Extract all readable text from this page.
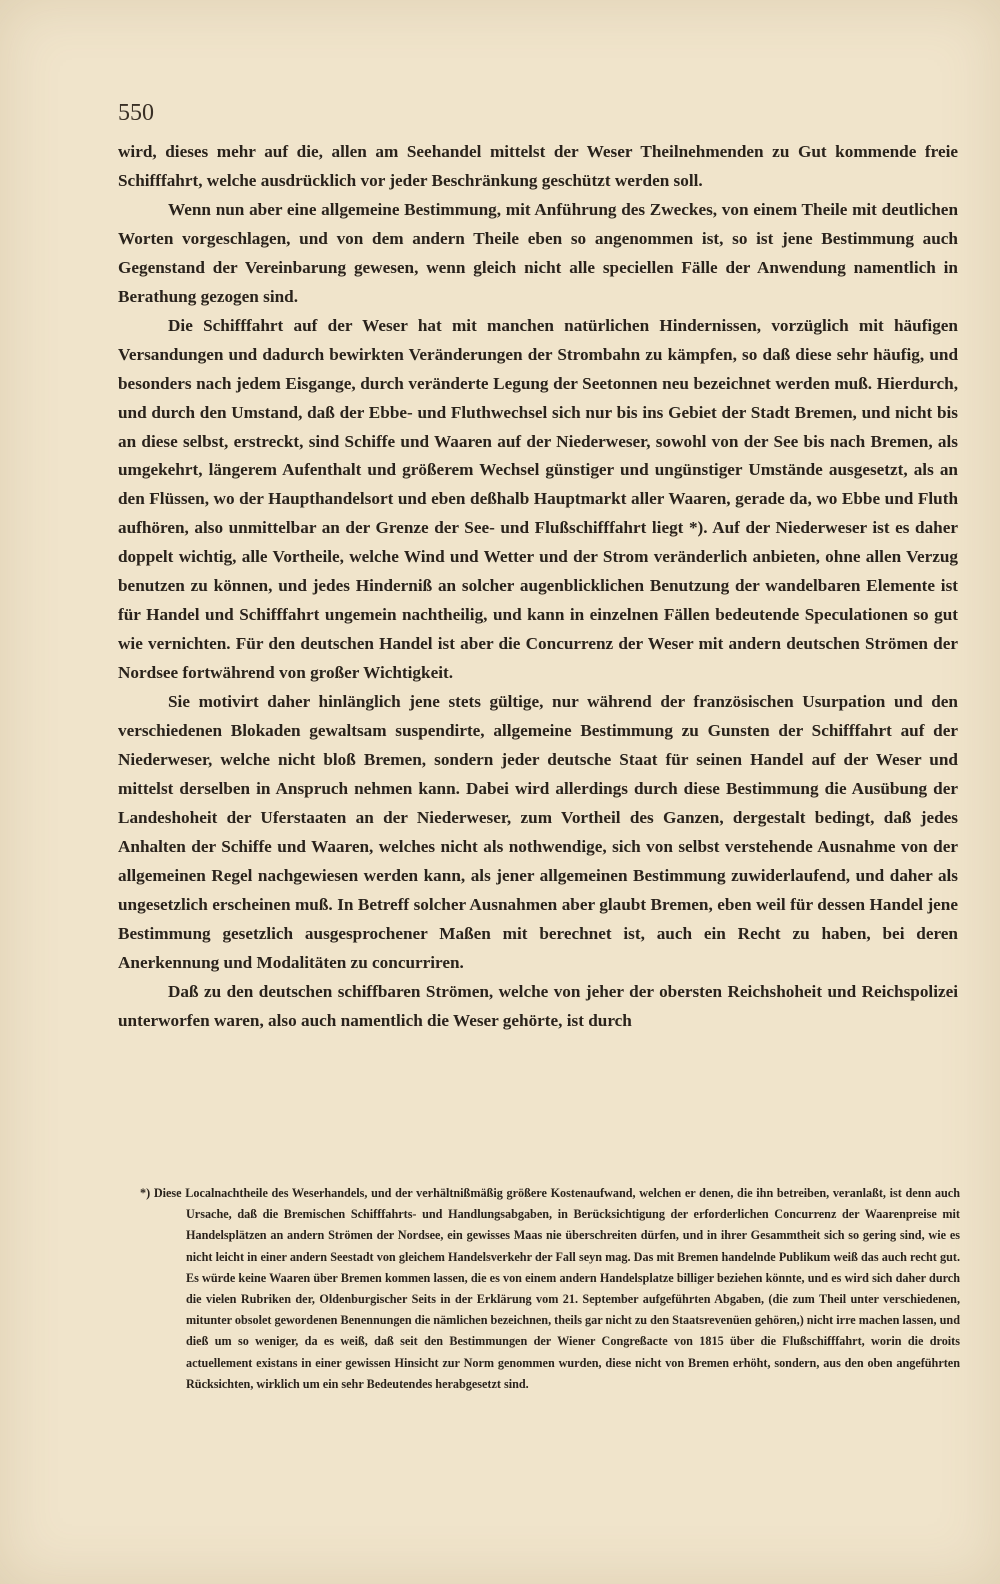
550

wird, dieses mehr auf die, allen am Seehandel mittelst der Weser Theilnehmenden zu Gut kommende freie Schifffahrt, welche ausdrücklich vor jeder Beschränkung geschützt werden soll.

Wenn nun aber eine allgemeine Bestimmung, mit Anführung des Zweckes, von einem Theile mit deutlichen Worten vorgeschlagen, und von dem andern Theile eben so angenommen ist, so ist jene Bestimmung auch Gegenstand der Vereinbarung gewesen, wenn gleich nicht alle speciellen Fälle der Anwendung namentlich in Berathung gezogen sind.

Die Schifffahrt auf der Weser hat mit manchen natürlichen Hindernissen, vorzüglich mit häufigen Versandungen und dadurch bewirkten Veränderungen der Strombahn zu kämpfen, so daß diese sehr häufig, und besonders nach jedem Eisgange, durch veränderte Legung der Seetonnen neu bezeichnet werden muß. Hierdurch, und durch den Umstand, daß der Ebbe- und Fluthwechsel sich nur bis ins Gebiet der Stadt Bremen, und nicht bis an diese selbst, erstreckt, sind Schiffe und Waaren auf der Niederweser, sowohl von der See bis nach Bremen, als umgekehrt, längerem Aufenthalt und größerem Wechsel günstiger und ungünstiger Umstände ausgesetzt, als an den Flüssen, wo der Haupthandelsort und eben deßhalb Hauptmarkt aller Waaren, gerade da, wo Ebbe und Fluth aufhören, also unmittelbar an der Grenze der See- und Flußschifffahrt liegt *). Auf der Niederweser ist es daher doppelt wichtig, alle Vortheile, welche Wind und Wetter und der Strom veränderlich anbieten, ohne allen Verzug benutzen zu können, und jedes Hinderniß an solcher augenblicklichen Benutzung der wandelbaren Elemente ist für Handel und Schifffahrt ungemein nachtheilig, und kann in einzelnen Fällen bedeutende Speculationen so gut wie vernichten. Für den deutschen Handel ist aber die Concurrenz der Weser mit andern deutschen Strömen der Nordsee fortwährend von großer Wichtigkeit.

Sie motivirt daher hinlänglich jene stets gültige, nur während der französischen Usurpation und den verschiedenen Blokaden gewaltsam suspendirte, allgemeine Bestimmung zu Gunsten der Schifffahrt auf der Niederweser, welche nicht bloß Bremen, sondern jeder deutsche Staat für seinen Handel auf der Weser und mittelst derselben in Anspruch nehmen kann. Dabei wird allerdings durch diese Bestimmung die Ausübung der Landeshoheit der Uferstaaten an der Niederweser, zum Vortheil des Ganzen, dergestalt bedingt, daß jedes Anhalten der Schiffe und Waaren, welches nicht als nothwendige, sich von selbst verstehende Ausnahme von der allgemeinen Regel nachgewiesen werden kann, als jener allgemeinen Bestimmung zuwiderlaufend, und daher als ungesetzlich erscheinen muß. In Betreff solcher Ausnahmen aber glaubt Bremen, eben weil für dessen Handel jene Bestimmung gesetzlich ausgesprochener Maßen mit berechnet ist, auch ein Recht zu haben, bei deren Anerkennung und Modalitäten zu concurriren.

Daß zu den deutschen schiffbaren Strömen, welche von jeher der obersten Reichshoheit und Reichspolizei unterworfen waren, also auch namentlich die Weser gehörte, ist durch

*) Diese Localnachtheile des Weserhandels, und der verhältnißmäßig größere Kostenaufwand, welchen er denen, die ihn betreiben, veranlaßt, ist denn auch Ursache, daß die Bremischen Schifffahrts- und Handlungsabgaben, in Berücksichtigung der erforderlichen Concurrenz der Waarenpreise mit Handelsplätzen an andern Strömen der Nordsee, ein gewisses Maas nie überschreiten dürfen, und in ihrer Gesammtheit sich so gering sind, wie es nicht leicht in einer andern Seestadt von gleichem Handelsverkehr der Fall seyn mag. Das mit Bremen handelnde Publikum weiß das auch recht gut. Es würde keine Waaren über Bremen kommen lassen, die es von einem andern Handelsplatze billiger beziehen könnte, und es wird sich daher durch die vielen Rubriken der, Oldenburgischer Seits in der Erklärung vom 21. September aufgeführten Abgaben, (die zum Theil unter verschiedenen, mitunter obsolet gewordenen Benennungen die nämlichen bezeichnen, theils gar nicht zu den Staatsrevenüen gehören,) nicht irre machen lassen, und dieß um so weniger, da es weiß, daß seit den Bestimmungen der Wiener Congreßacte von 1815 über die Flußschifffahrt, worin die droits actuellement existans in einer gewissen Hinsicht zur Norm genommen wurden, diese nicht von Bremen erhöht, sondern, aus den oben angeführten Rücksichten, wirklich um ein sehr Bedeutendes herabgesetzt sind.
